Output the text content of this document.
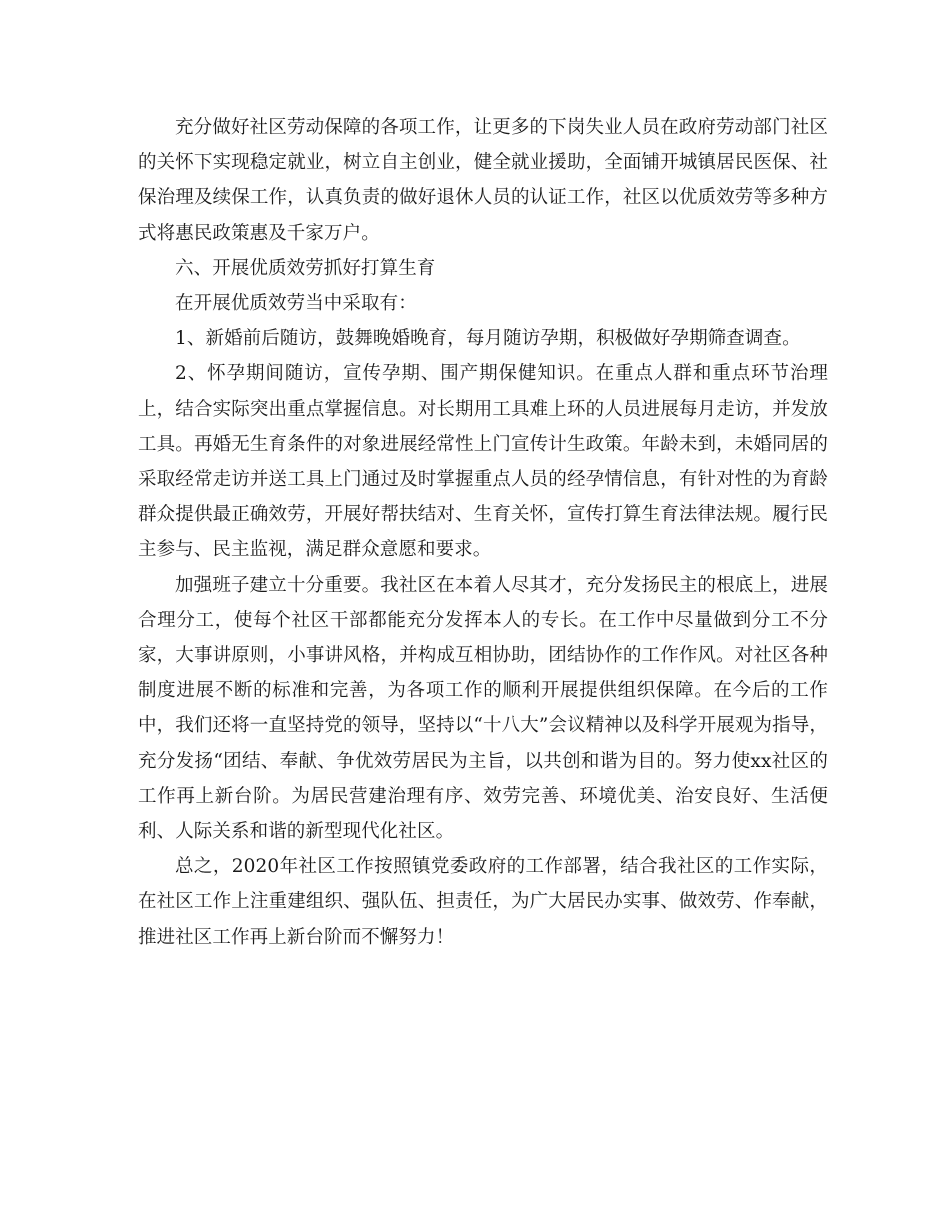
充分做好社区劳动保障的各项工作，让更多的下岗失业人员在政府劳动部门社区的关怀下实现稳定就业，树立自主创业，健全就业援助，全面铺开城镇居民医保、社保治理及续保工作，认真负责的做好退休人员的认证工作，社区以优质效劳等多种方式将惠民政策惠及千家万户。

六、开展优质效劳抓好打算生育

在开展优质效劳当中采取有：

1、新婚前后随访，鼓舞晚婚晚育，每月随访孕期，积极做好孕期筛查调查。

2、怀孕期间随访，宣传孕期、围产期保健知识。在重点人群和重点环节治理上，结合实际突出重点掌握信息。对长期用工具难上环的人员进展每月走访，并发放工具。再婚无生育条件的对象进展经常性上门宣传计生政策。年龄未到，未婚同居的采取经常走访并送工具上门通过及时掌握重点人员的经孕情信息，有针对性的为育龄群众提供最正确效劳，开展好帮扶结对、生育关怀，宣传打算生育法律法规。履行民主参与、民主监视，满足群众意愿和要求。

加强班子建立十分重要。我社区在本着人尽其才，充分发扬民主的根底上，进展合理分工，使每个社区干部都能充分发挥本人的专长。在工作中尽量做到分工不分家，大事讲原则，小事讲风格，并构成互相协助，团结协作的工作作风。对社区各种制度进展不断的标准和完善，为各项工作的顺利开展提供组织保障。在今后的工作中，我们还将一直坚持党的领导，坚持以“十八大”会议精神以及科学开展观为指导，充分发扬“团结、奉献、争优效劳居民为主旨，以共创和谐为目的。努力使xx社区的工作再上新台阶。为居民营建治理有序、效劳完善、环境优美、治安良好、生活便利、人际关系和谐的新型现代化社区。

总之，2020年社区工作按照镇党委政府的工作部署，结合我社区的工作实际，在社区工作上注重建组织、强队伍、担责任，为广大居民办实事、做效劳、作奉献，推进社区工作再上新台阶而不懈努力！
